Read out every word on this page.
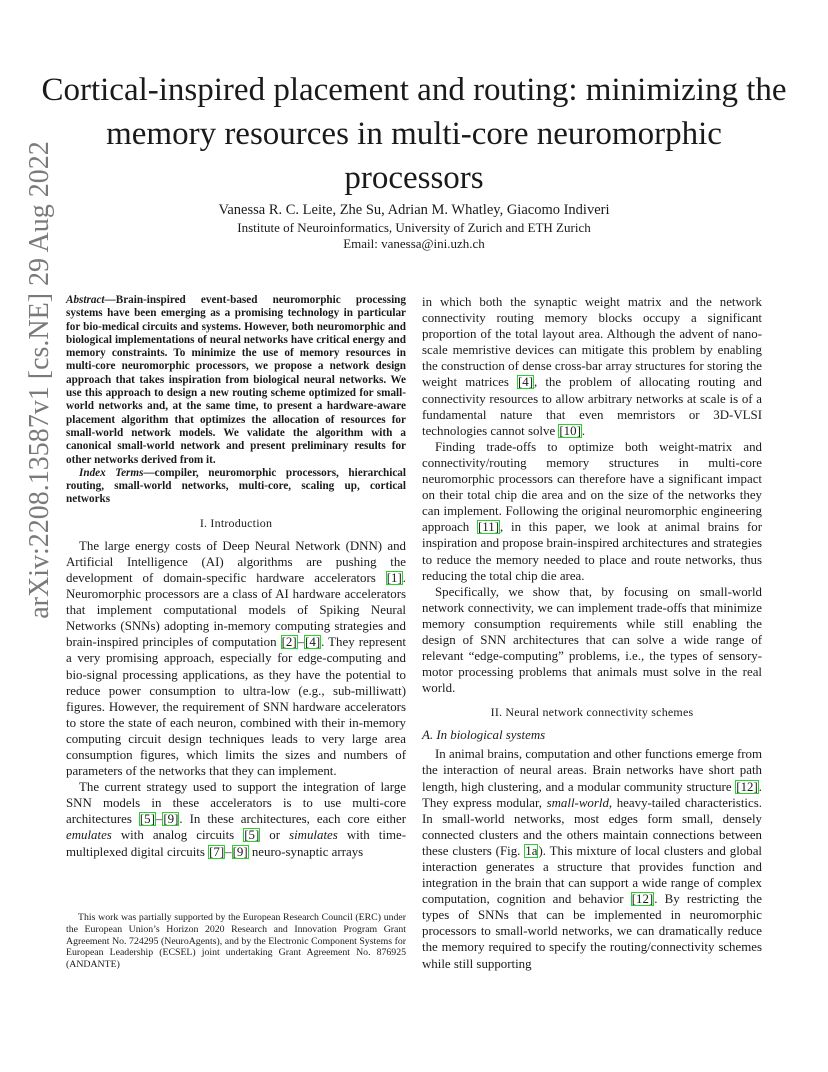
Cortical-inspired placement and routing: minimizing the memory resources in multi-core neuromorphic processors
Vanessa R. C. Leite, Zhe Su, Adrian M. Whatley, Giacomo Indiveri
Institute of Neuroinformatics, University of Zurich and ETH Zurich
Email: vanessa@ini.uzh.ch
arXiv:2208.13587v1 [cs.NE] 29 Aug 2022 Abstract—Brain-inspired event-based neuromorphic processing systems have been emerging as a promising technology in particular for bio-medical circuits and systems. However, both neuromorphic and biological implementations of neural networks have critical energy and memory constraints. To minimize the use of memory resources in multi-core neuromorphic processors, we propose a network design approach that takes inspiration from biological neural networks. We use this approach to design a new routing scheme optimized for small-world networks and, at the same time, to present a hardware-aware placement algorithm that optimizes the allocation of resources for small-world network models. We validate the algorithm with a canonical small-world network and present preliminary results for other networks derived from it.

Index Terms—compiler, neuromorphic processors, hierarchical routing, small-world networks, multi-core, scaling up, cortical networks

I. Introduction

The large energy costs of Deep Neural Network (DNN) and Artificial Intelligence (AI) algorithms are pushing the development of domain-specific hardware accelerators [1]. Neuromorphic processors are a class of AI hardware accelerators that implement computational models of Spiking Neural Networks (SNNs) adopting in-memory computing strategies and brain-inspired principles of computation [2]–[4]. They represent a very promising approach, especially for edge-computing and bio-signal processing applications, as they have the potential to reduce power consumption to ultra-low (e.g., sub-milliwatt) figures. However, the requirement of SNN hardware accelerators to store the state of each neuron, combined with their in-memory computing circuit design techniques leads to very large area consumption figures, which limits the sizes and numbers of parameters of the networks that they can implement.

The current strategy used to support the integration of large SNN models in these accelerators is to use multi-core architectures [5]–[9]. In these architectures, each core either emulates with analog circuits [5] or simulates with time-multiplexed digital circuits [7]–[9] neuro-synaptic arrays

This work was partially supported by the European Research Council (ERC) under the European Union’s Horizon 2020 Research and Innovation Program Grant Agreement No. 724295 (NeuroAgents), and by the Electronic Component Systems for European Leadership (ECSEL) joint undertaking Grant Agreement No. 876925 (ANDANTE)

in which both the synaptic weight matrix and the network connectivity routing memory blocks occupy a significant proportion of the total layout area. Although the advent of nano-scale memristive devices can mitigate this problem by enabling the construction of dense cross-bar array structures for storing the weight matrices [4], the problem of allocating routing and connectivity resources to allow arbitrary networks at scale is of a fundamental nature that even memristors or 3D-VLSI technologies cannot solve [10].

Finding trade-offs to optimize both weight-matrix and connectivity/routing memory structures in multi-core neuromorphic processors can therefore have a significant impact on their total chip die area and on the size of the networks they can implement. Following the original neuromorphic engineering approach [11], in this paper, we look at animal brains for inspiration and propose brain-inspired architectures and strategies to reduce the memory needed to place and route networks, thus reducing the total chip die area.

Specifically, we show that, by focusing on small-world network connectivity, we can implement trade-offs that minimize memory consumption requirements while still enabling the design of SNN architectures that can solve a wide range of relevant “edge-computing” problems, i.e., the types of sensory-motor processing problems that animals must solve in the real world.

II. Neural network connectivity schemes
A. In biological systems

In animal brains, computation and other functions emerge from the interaction of neural areas. Brain networks have short path length, high clustering, and a modular community structure [12]. They express modular, small-world, heavy-tailed characteristics. In small-world networks, most edges form small, densely connected clusters and the others maintain connections between these clusters (Fig. 1a). This mixture of local clusters and global interaction generates a structure that provides function and integration in the brain that can support a wide range of complex computation, cognition and behavior [12]. By restricting the types of SNNs that can be implemented in neuromorphic processors to small-world networks, we can dramatically reduce the memory required to specify the routing/connectivity schemes while still supporting
